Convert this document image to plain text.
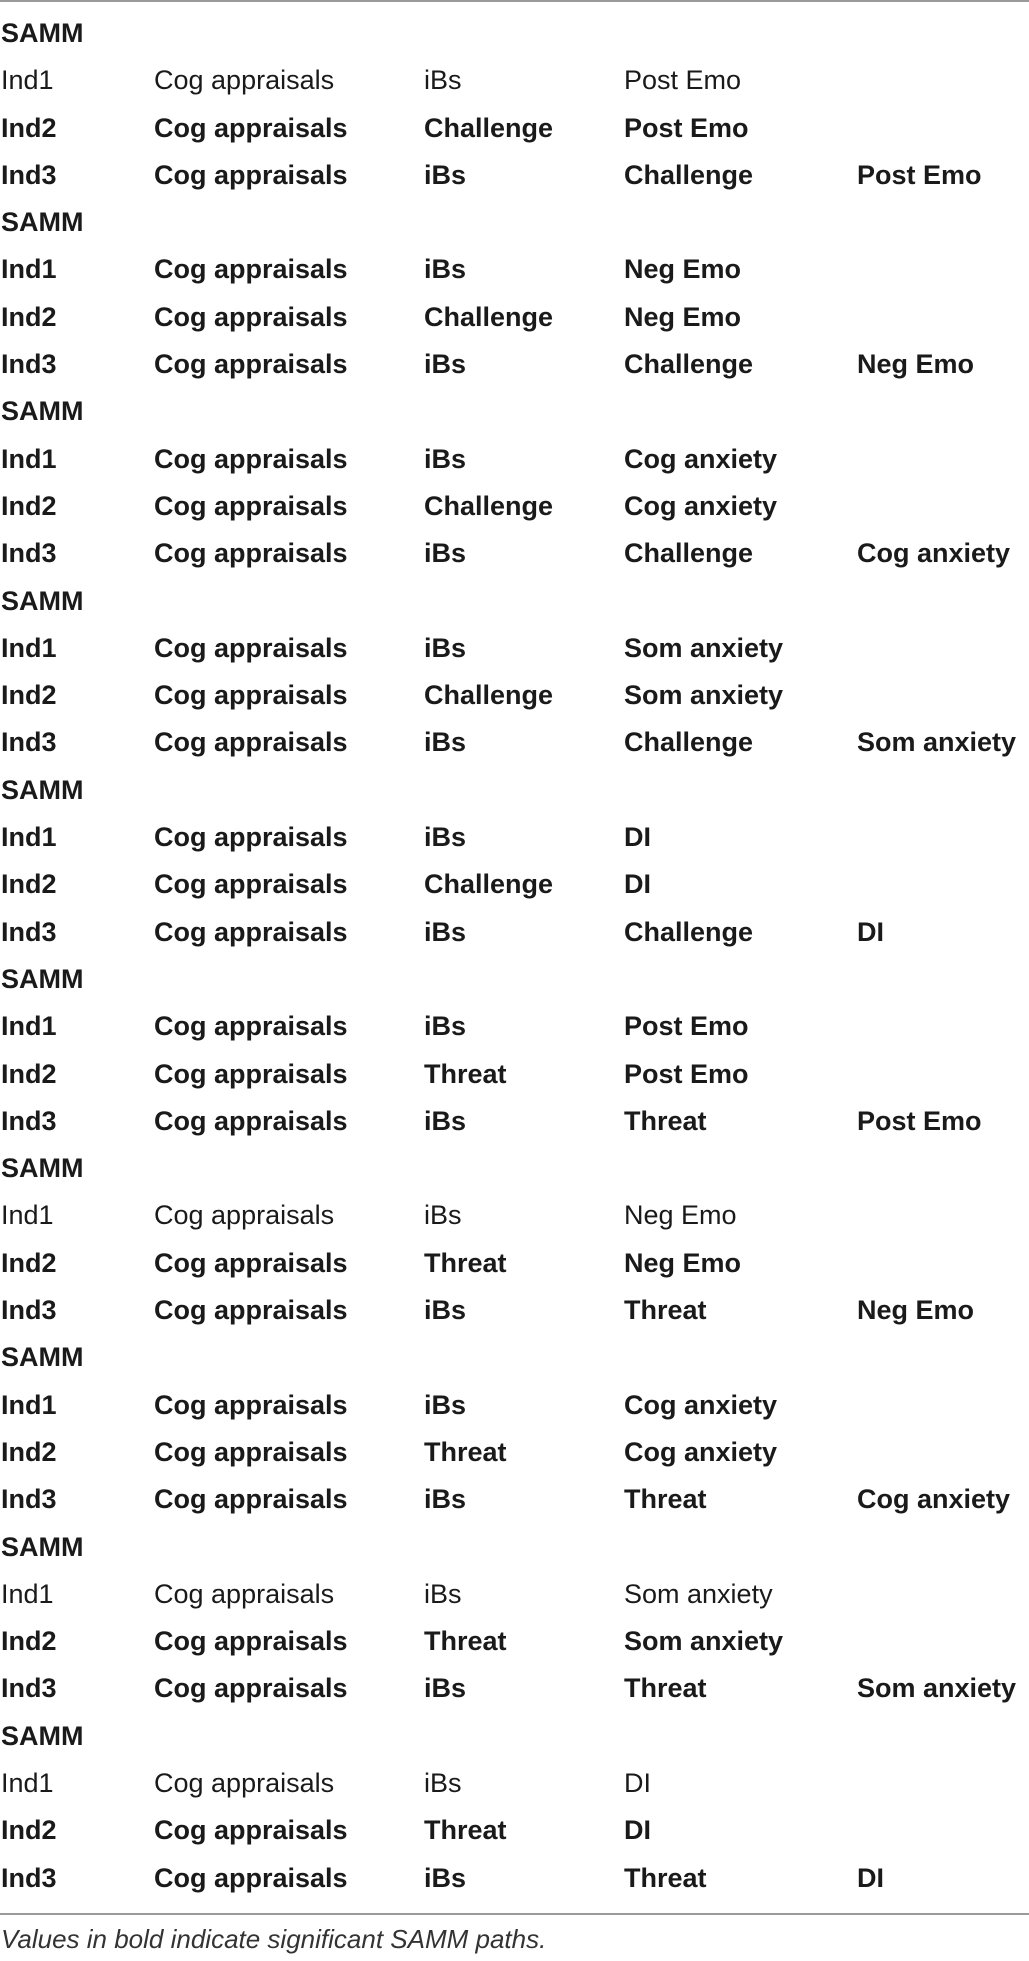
SAMM
Ind1	Cog appraisals	iBs	Post Emo
Ind2	Cog appraisals	Challenge	Post Emo
Ind3	Cog appraisals	iBs	Challenge	Post Emo
SAMM
Ind1	Cog appraisals	iBs	Neg Emo
Ind2	Cog appraisals	Challenge	Neg Emo
Ind3	Cog appraisals	iBs	Challenge	Neg Emo
SAMM
Ind1	Cog appraisals	iBs	Cog anxiety
Ind2	Cog appraisals	Challenge	Cog anxiety
Ind3	Cog appraisals	iBs	Challenge	Cog anxiety
SAMM
Ind1	Cog appraisals	iBs	Som anxiety
Ind2	Cog appraisals	Challenge	Som anxiety
Ind3	Cog appraisals	iBs	Challenge	Som anxiety
SAMM
Ind1	Cog appraisals	iBs	DI
Ind2	Cog appraisals	Challenge	DI
Ind3	Cog appraisals	iBs	Challenge	DI
SAMM
Ind1	Cog appraisals	iBs	Post Emo
Ind2	Cog appraisals	Threat	Post Emo
Ind3	Cog appraisals	iBs	Threat	Post Emo
SAMM
Ind1	Cog appraisals	iBs	Neg Emo
Ind2	Cog appraisals	Threat	Neg Emo
Ind3	Cog appraisals	iBs	Threat	Neg Emo
SAMM
Ind1	Cog appraisals	iBs	Cog anxiety
Ind2	Cog appraisals	Threat	Cog anxiety
Ind3	Cog appraisals	iBs	Threat	Cog anxiety
SAMM
Ind1	Cog appraisals	iBs	Som anxiety
Ind2	Cog appraisals	Threat	Som anxiety
Ind3	Cog appraisals	iBs	Threat	Som anxiety
SAMM
Ind1	Cog appraisals	iBs	DI
Ind2	Cog appraisals	Threat	DI
Ind3	Cog appraisals	iBs	Threat	DI
Values in bold indicate significant SAMM paths.
